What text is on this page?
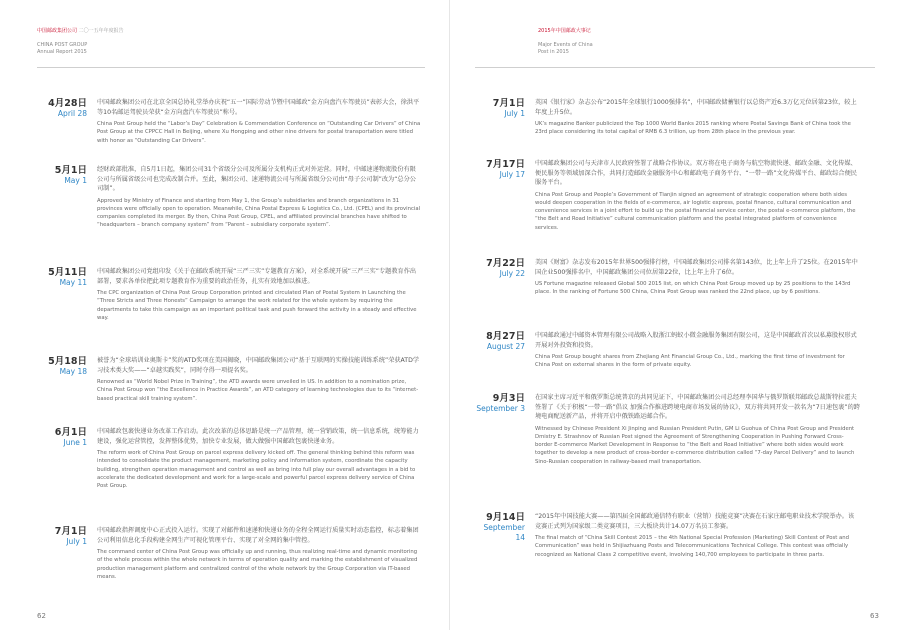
中国邮政集团公司 二〇一五年年度报告
CHINA POST GROUP
Annual Report 2015
4月28日
April 28
中国邮政集团公司在北京全国总协礼堂举办庆祝“五一”国际劳动节暨中国邮政“金方向盘汽车驾驶员”表彰大会，徐洪平等10名邮运驾驶员荣获“金方向盘汽车驾驶员”称号。
China Post Group held the “Labor’s Day” Celebration & Commendation Conference on “Outstanding Car Drivers” of China Post Group at the CPPCC Hall in Beijing, where Xu Hongping and other nine drivers for postal transportation were titled with honor as “Outstanding Car Drivers”.
5月1日
May 1
经财政部批准，自5月1日起，集团公司31个省级分公司及所属分支机构正式对外运营。同时，中邮速递物流股份有限公司与所属省级公司也完成改制合并。至此，集团公司、速递物流公司与所属省级分公司由“母子公司制”改为“总分公司制”。
Approved by Ministry of Finance and starting from May 1, the Group’s subsidiaries and branch organizations in 31 provinces were officially open to operation. Meanwhile, China Postal Express & Logistics Co., Ltd. (CPEL) and its provincial companies completed its merger. By then, China Post Group, CPEL, and affiliated provincial branches have shifted to “headquarters – branch company system” from “Parent – subsidiary corporate system”.
5月11日
May 11
中国邮政集团公司党组印发《关于在邮政系统开展“三严三实”专题教育方案》，对全系统开展“三严三实”专题教育作出部署，要求各单位把此项专题教育作为重要的政治任务，扎实有效地加以推进。
The CPC organization of China Post Group Corporation printed and circulated Plan of Postal System in Launching the “Three Stricts and Three Honests” Campaign to arrange the work related for the whole system by requiring the departments to take this campaign as an important political task and push forward the activity in a steady and effective way.
5月18日
May 18
被誉为“全球培训业奥斯卡”奖的ATD奖项在美国揭晓，中国邮政集团公司“基于互联网的实操技能训练系统”荣获ATD学习技术类大奖——“卓越实践奖”，同时夺得一项提名奖。
Renowned as “World Nobel Prize in Training”, the ATD awards were unveiled in US. In addition to a nomination prize, China Post Group won “the Excellence in Practice Awards”, an ATD category of learning technologies due to its “internet-based practical skill training system”.
6月1日
June 1
中国邮政包裹快递业务改革工作启动。此次改革的总体思路是统一产品管理，统一营销政策，统一信息系统，统筹能力建设，强化运营管控，发挥整体优势，加快专业发展，做大做强中国邮政包裹快递业务。
The reform work of China Post Group on parcel express delivery kicked off. The general thinking behind this reform was intended to consolidate the product management, marketing policy and information system, coordinate the capacity building, strengthen operation management and control as well as bring into full play our overall advantages in a bid to accelerate the dedicated development and work for a large-scale and powerful parcel express delivery service of China Post Group.
7月1日
July 1
中国邮政指挥调度中心正式投入运行。实现了对邮件和速递和快递业务的全程全网运行质量实时动态监控，标志着集团公司利用信息化手段构建全网生产可视化管理平台、实现了对全网的集中管控。
The command center of China Post Group was officially up and running, thus realizing real-time and dynamic monitoring of the whole process within the whole network in terms of operation quality and marking the establishment of visualized production management platform and centralized control of the whole network by the Group Corporation via IT-based means.
62
2015年中国邮政大事记
Major Events of China
Post in 2015
7月1日
July 1
英国《银行家》杂志公布“2015年全球银行1000强排名”，中国邮政储蓄银行以总资产近6.3万亿元位居第23位，较上年度上升5位。
UK’s magazine Banker publicized the Top 1000 World Banks 2015 ranking where Postal Savings Bank of China took the 23rd place considering its total capital of RMB 6.3 trillion, up from 28th place in the previous year.
7月17日
July 17
中国邮政集团公司与天津市人民政府签署了战略合作协议。双方将在电子商务与航空物流快递、邮政金融、文化传媒、便民服务等领域加深合作，共同打造邮政金融服务中心和邮政电子商务平台、“一带一路”文化传媒平台、邮政综合便民服务平台。
China Post Group and People’s Government of Tianjin signed an agreement of strategic cooperation where both sides would deepen cooperation in the fields of e-commerce, air logistic express, postal finance, cultural communication and convenience services in a joint effort to build up the postal financial service center, the postal e-commerce platform, the “the Belt and Road Initiative” cultural communication platform and the postal integrated platform of convenience services.
7月22日
July 22
美国《财富》杂志发布2015年世界500强排行榜，中国邮政集团公司排名第143位，比上年上升了25位。在2015年中国企业500强排名中，中国邮政集团公司位居第22位，比上年上升了6位。
US Fortune magazine released Global 500 2015 list, on which China Post Group moved up by 25 positions to the 143rd place. In the ranking of Fortune 500 China, China Post Group was ranked the 22nd place, up by 6 positions.
8月27日
August 27
中国邮政通过中邮资本管理有限公司战略入股浙江蚂蚁小微金融服务集团有限公司，这是中国邮政首次以私募股权形式开展对外投资和投资。
China Post Group bought shares from Zhejiang Ant Financial Group Co., Ltd., marking the first time of investment for China Post on external shares in the form of private equity.
9月3日
September 3
在国家主席习近平和俄罗斯总统普京的共同见证下，中国邮政集团公司总经理李国华与俄罗斯联邦邮政总裁斯特拉霍夫签署了《关于积极“一带一路”倡议 加强合作推进跨境电商市场发展的协议》，双方将共同开发一款名为“7日速包裹”的跨境电商配送新产品，并将开启中俄铁路运邮合作。
Witnessed by Chinese President Xi Jinping and Russian President Putin, GM Li Guohua of China Post Group and President Dmistry E. Strashnov of Russian Post signed the Agreement of Strengthening Cooperation in Pushing Forward Cross-border E-commerce Market Development in Response to “the Belt and Road Initiative” where both sides would work together to develop a new product of cross-border e-commerce distribution called “7-day Parcel Delivery” and to launch Sino-Russian cooperation in railway-based mail transportation.
9月14日
September 14
“2015年中国技能大赛——第四届全国邮政通信特有职业（营销）技能竞赛”决赛在石家庄邮电职业技术学院举办。该竞赛正式列为国家级二类竞赛项目，三大板块共计14.07万名员工参赛。
The final match of “China Skill Contest 2015 – the 4th National Special Profession (Marketing) Skill Contest of Post and Communication” was held in Shijiazhuang Posts and Telecommunications Technical College. This contest was officially recognized as National Class 2 competitive event, involving 140,700 employees to participate in three parts.
63
